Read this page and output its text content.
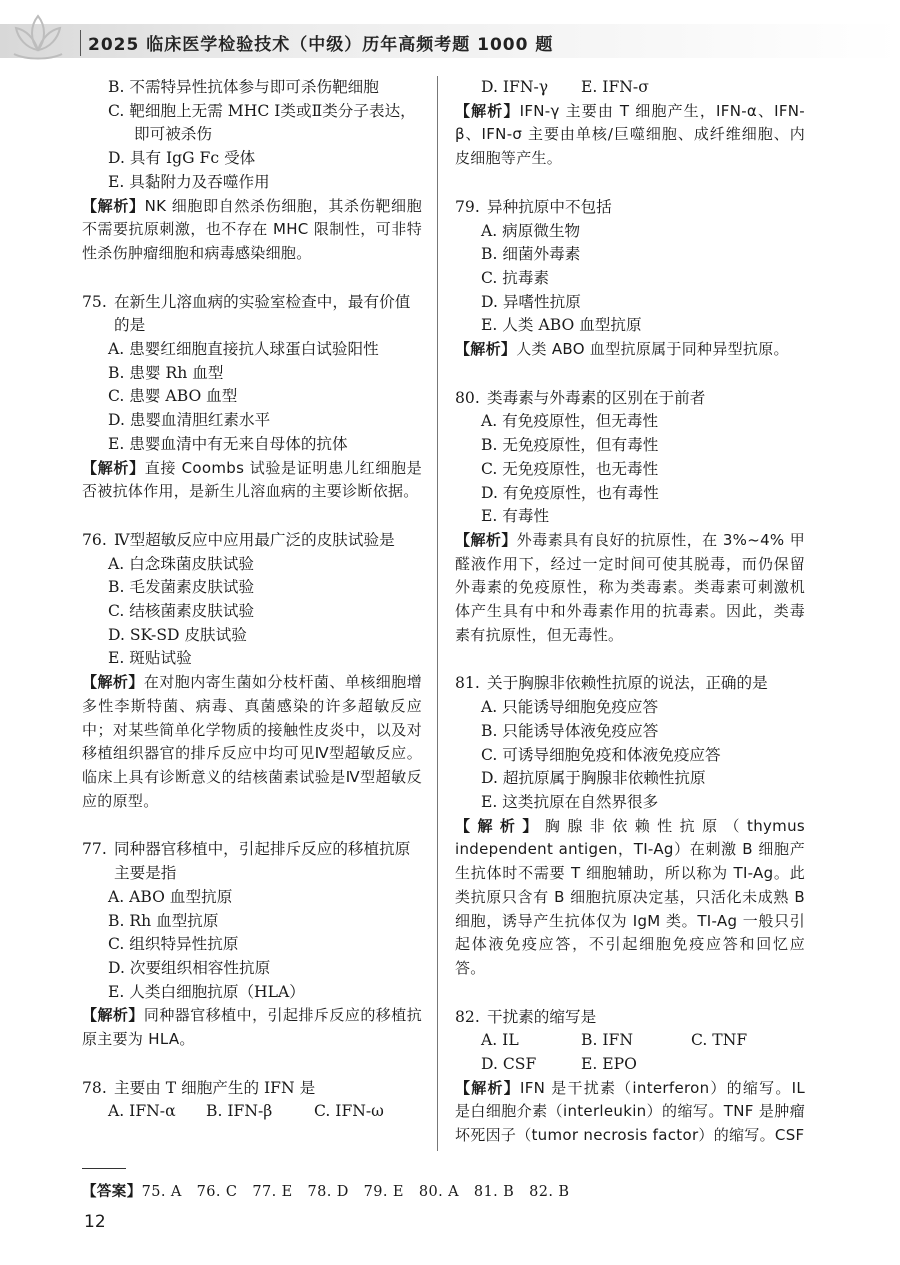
2025 临床医学检验技术（中级）历年高频考题 1000 题
B. 不需特异性抗体参与即可杀伤靶细胞
C. 靶细胞上无需 MHC Ⅰ类或Ⅱ类分子表达，即可被杀伤
D. 具有 IgG Fc 受体
E. 具黏附力及吞噬作用
【解析】NK 细胞即自然杀伤细胞，其杀伤靶细胞不需要抗原刺激，也不存在 MHC 限制性，可非特性杀伤肿瘤细胞和病毒感染细胞。
75. 在新生儿溶血病的实验室检查中，最有价值的是
A. 患婴红细胞直接抗人球蛋白试验阳性
B. 患婴 Rh 血型
C. 患婴 ABO 血型
D. 患婴血清胆红素水平
E. 患婴血清中有无来自母体的抗体
【解析】直接 Coombs 试验是证明患儿红细胞是否被抗体作用，是新生儿溶血病的主要诊断依据。
76. Ⅳ型超敏反应中应用最广泛的皮肤试验是
A. 白念珠菌皮肤试验
B. 毛发菌素皮肤试验
C. 结核菌素皮肤试验
D. SK-SD 皮肤试验
E. 斑贴试验
【解析】在对胞内寄生菌如分枝杆菌、单核细胞增多性李斯特菌、病毒、真菌感染的许多超敏反应中；对某些简单化学物质的接触性皮炎中，以及对移植组织器官的排斥反应中均可见Ⅳ型超敏反应。临床上具有诊断意义的结核菌素试验是Ⅳ型超敏反应的原型。
77. 同种器官移植中，引起排斥反应的移植抗原主要是指
A. ABO 血型抗原
B. Rh 血型抗原
C. 组织特异性抗原
D. 次要组织相容性抗原
E. 人类白细胞抗原（HLA）
【解析】同种器官移植中，引起排斥反应的移植抗原主要为 HLA。
78. 主要由 T 细胞产生的 IFN 是
A. IFN-α	B. IFN-β	C. IFN-ω
D. IFN-γ	E. IFN-σ
【解析】IFN-γ 主要由 T 细胞产生，IFN-α、IFN-β、IFN-σ 主要由单核/巨噬细胞、成纤维细胞、内皮细胞等产生。
79. 异种抗原中不包括
A. 病原微生物
B. 细菌外毒素
C. 抗毒素
D. 异嗜性抗原
E. 人类 ABO 血型抗原
【解析】人类 ABO 血型抗原属于同种异型抗原。
80. 类毒素与外毒素的区别在于前者
A. 有免疫原性，但无毒性
B. 无免疫原性，但有毒性
C. 无免疫原性，也无毒性
D. 有免疫原性，也有毒性
E. 有毒性
【解析】外毒素具有良好的抗原性，在 3%~4% 甲醛液作用下，经过一定时间可使其脱毒，而仍保留外毒素的免疫原性，称为类毒素。类毒素可刺激机体产生具有中和外毒素作用的抗毒素。因此，类毒素有抗原性，但无毒性。
81. 关于胸腺非依赖性抗原的说法，正确的是
A. 只能诱导细胞免疫应答
B. 只能诱导体液免疫应答
C. 可诱导细胞免疫和体液免疫应答
D. 超抗原属于胸腺非依赖性抗原
E. 这类抗原在自然界很多
【解析】胸腺非依赖性抗原（thymus independent antigen，TI-Ag）在刺激 B 细胞产生抗体时不需要 T 细胞辅助，所以称为 TI-Ag。此类抗原只含有 B 细胞抗原决定基，只活化未成熟 B 细胞，诱导产生抗体仅为 IgM 类。TI-Ag 一般只引起体液免疫应答，不引起细胞免疫应答和回忆应答。
82. 干扰素的缩写是
A. IL	B. IFN	C. TNF
D. CSF	E. EPO
【解析】IFN 是干扰素（interferon）的缩写。IL 是白细胞介素（interleukin）的缩写。TNF 是肿瘤坏死因子（tumor necrosis factor）的缩写。CSF
【答案】75. A　76. C　77. E　78. D　79. E　80. A　81. B　82. B
12
